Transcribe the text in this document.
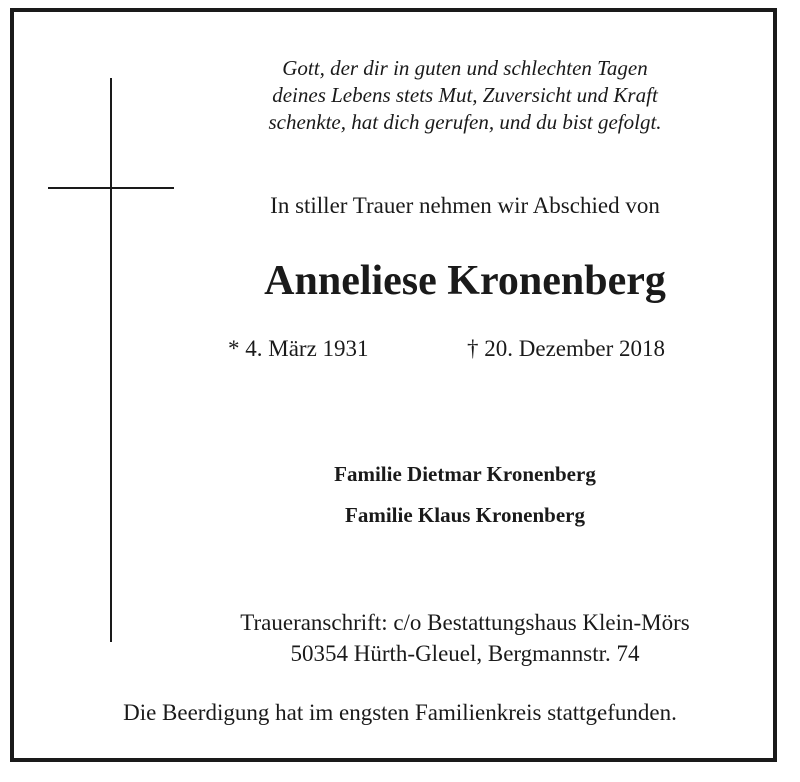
Gott, der dir in guten und schlechten Tagen
deines Lebens stets Mut, Zuversicht und Kraft
schenkte, hat dich gerufen, und du bist gefolgt.
In stiller Trauer nehmen wir Abschied von
Anneliese Kronenberg
* 4. März 1931	† 20. Dezember 2018
Familie Dietmar Kronenberg
Familie Klaus Kronenberg
Traueranschrift: c/o Bestattungshaus Klein-Mörs
50354 Hürth-Gleuel, Bergmannstr. 74
Die Beerdigung hat im engsten Familienkreis stattgefunden.
